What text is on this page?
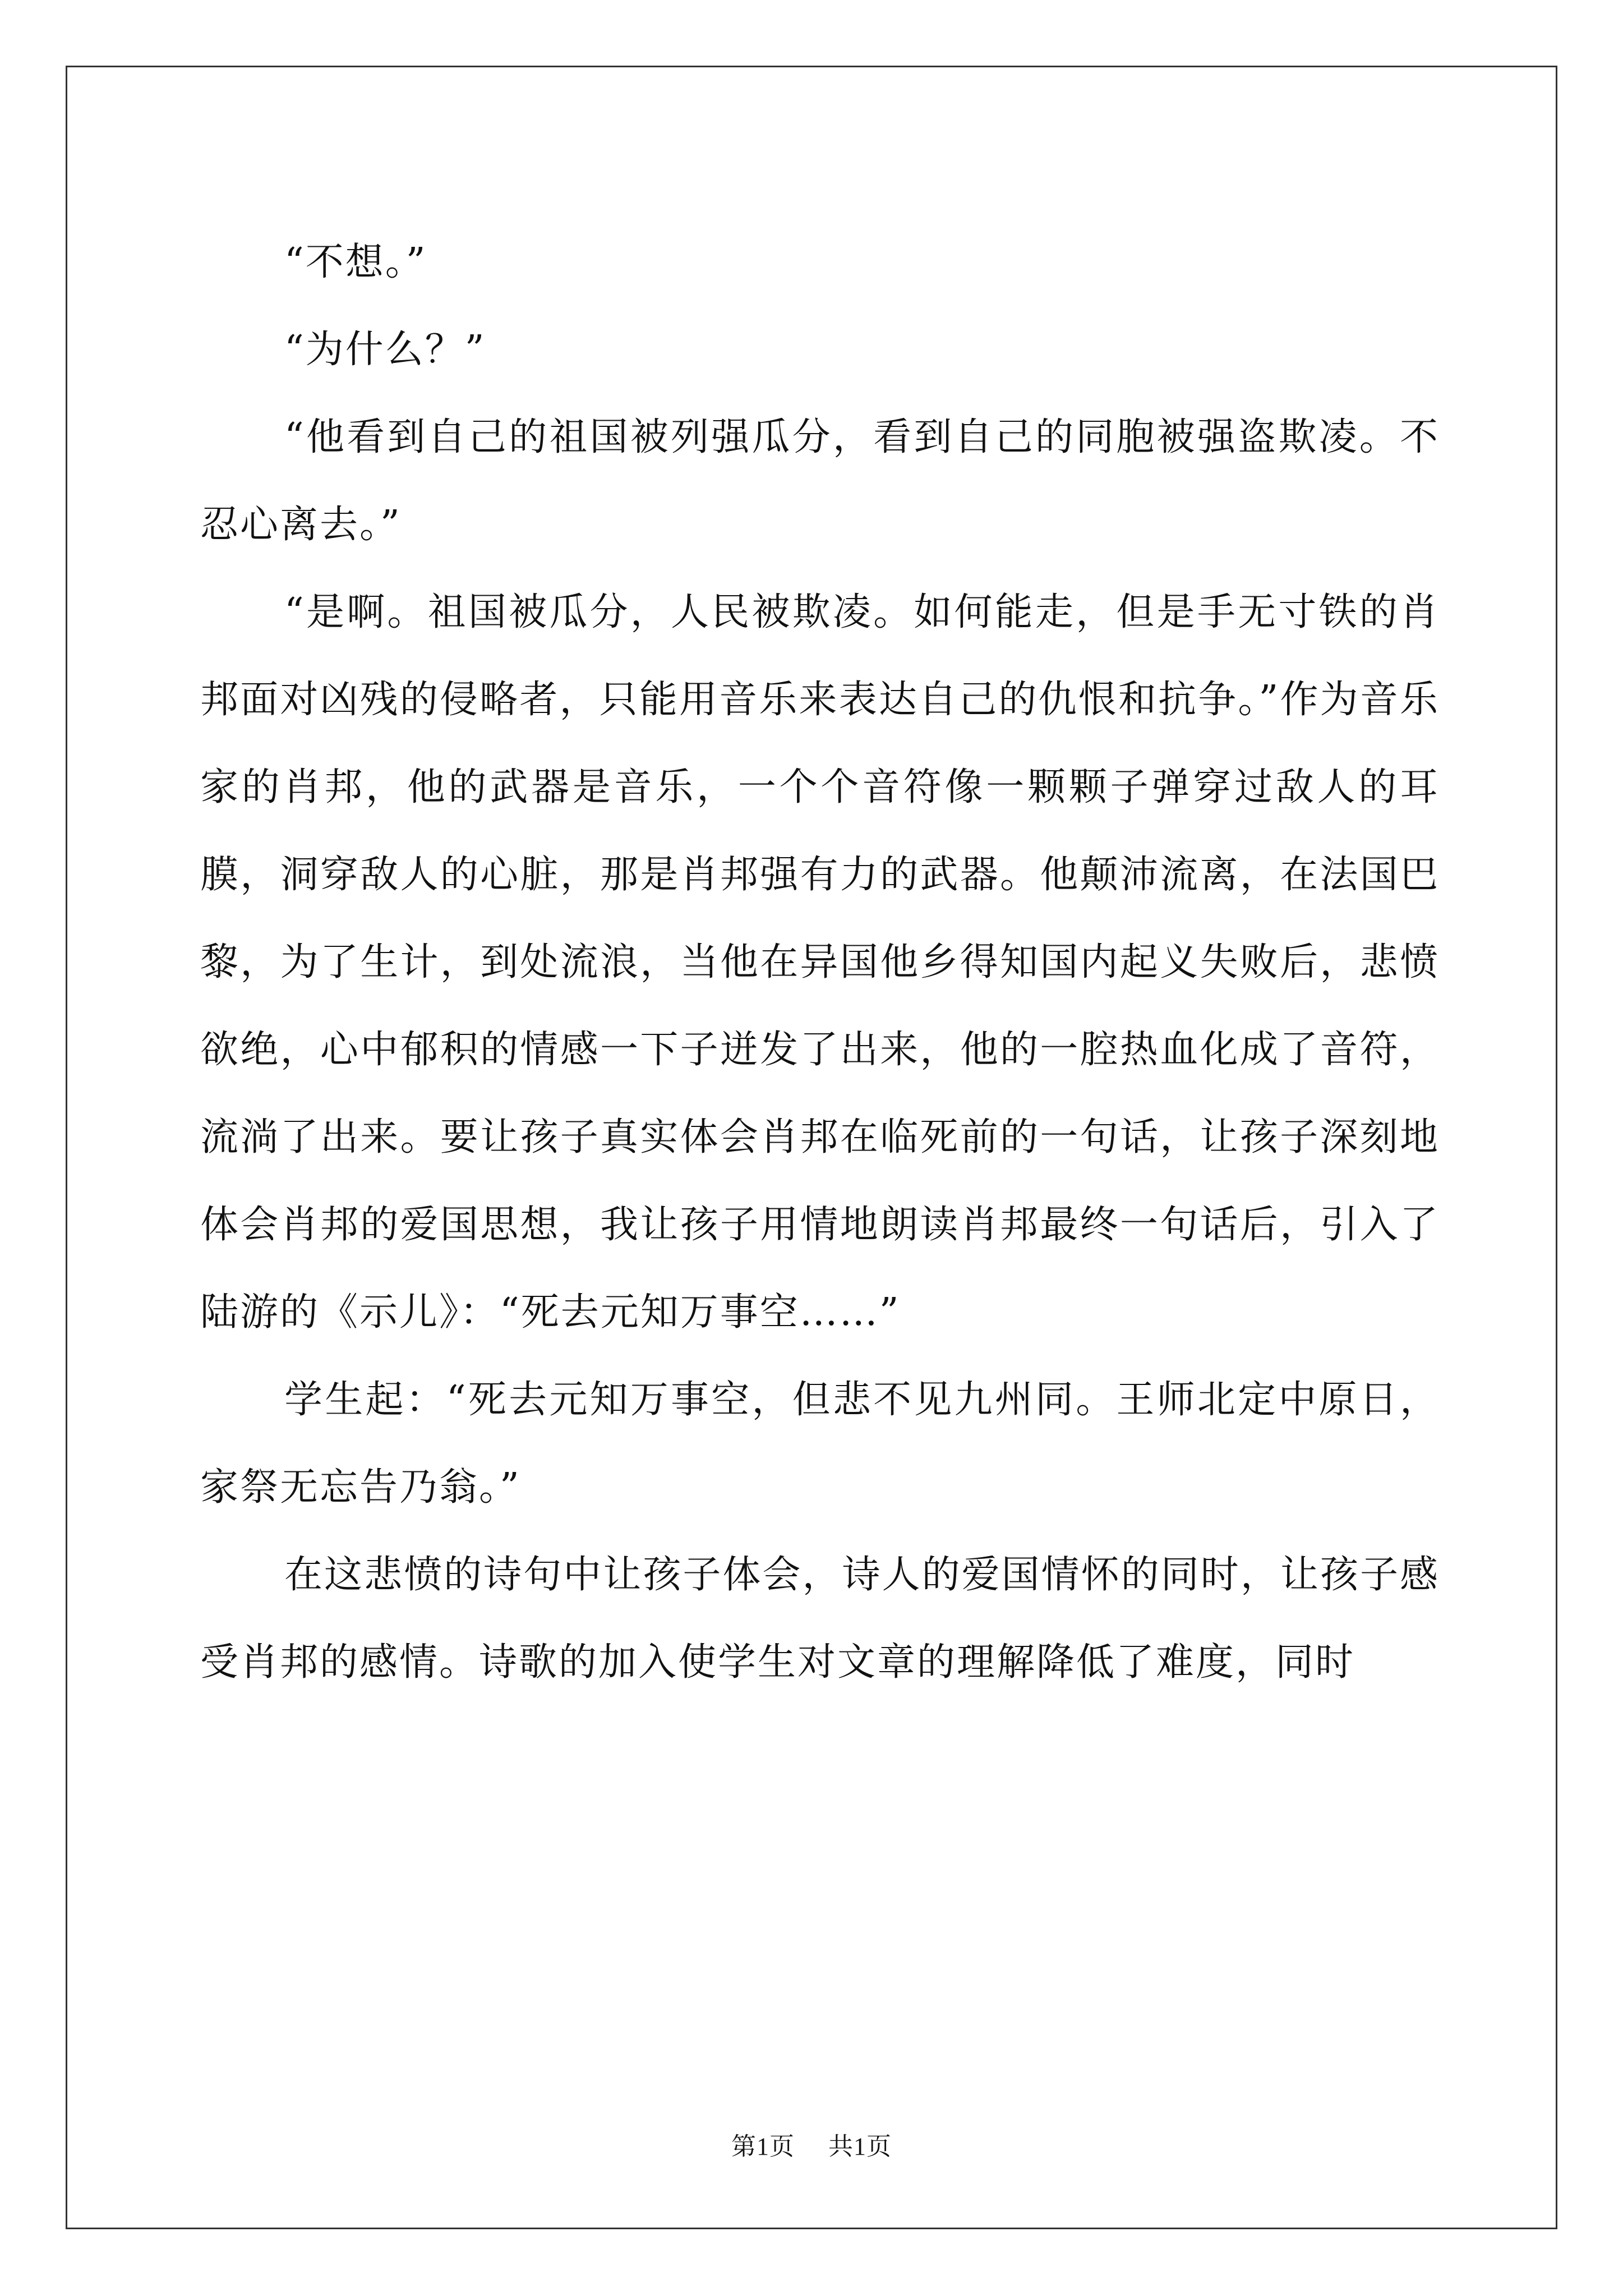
“不想。”

“为什么？”

“他看到自己的祖国被列强瓜分，看到自己的同胞被强盗欺凌。不忍心离去。”

“是啊。祖国被瓜分，人民被欺凌。如何能走，但是手无寸铁的肖邦面对凶残的侵略者，只能用音乐来表达自己的仇恨和抗争。”作为音乐家的肖邦，他的武器是音乐，一个个音符像一颗颗子弹穿过敌人的耳膜，洞穿敌人的心脏，那是肖邦强有力的武器。他颠沛流离，在法国巴黎，为了生计，到处流浪，当他在异国他乡得知国内起义失败后，悲愤欲绝，心中郁积的情感一下子迸发了出来，他的一腔热血化成了音符，流淌了出来。要让孩子真实体会肖邦在临死前的一句话，让孩子深刻地体会肖邦的爱国思想，我让孩子用情地朗读肖邦最终一句话后，引入了陆游的《示儿》：“死去元知万事空……”

学生起：“死去元知万事空，但悲不见九州同。王师北定中原日，家祭无忘告乃翁。”

在这悲愤的诗句中让孩子体会，诗人的爱国情怀的同时，让孩子感受肖邦的感情。诗歌的加入使学生对文章的理解降低了难度，同时

第1页 共1页
